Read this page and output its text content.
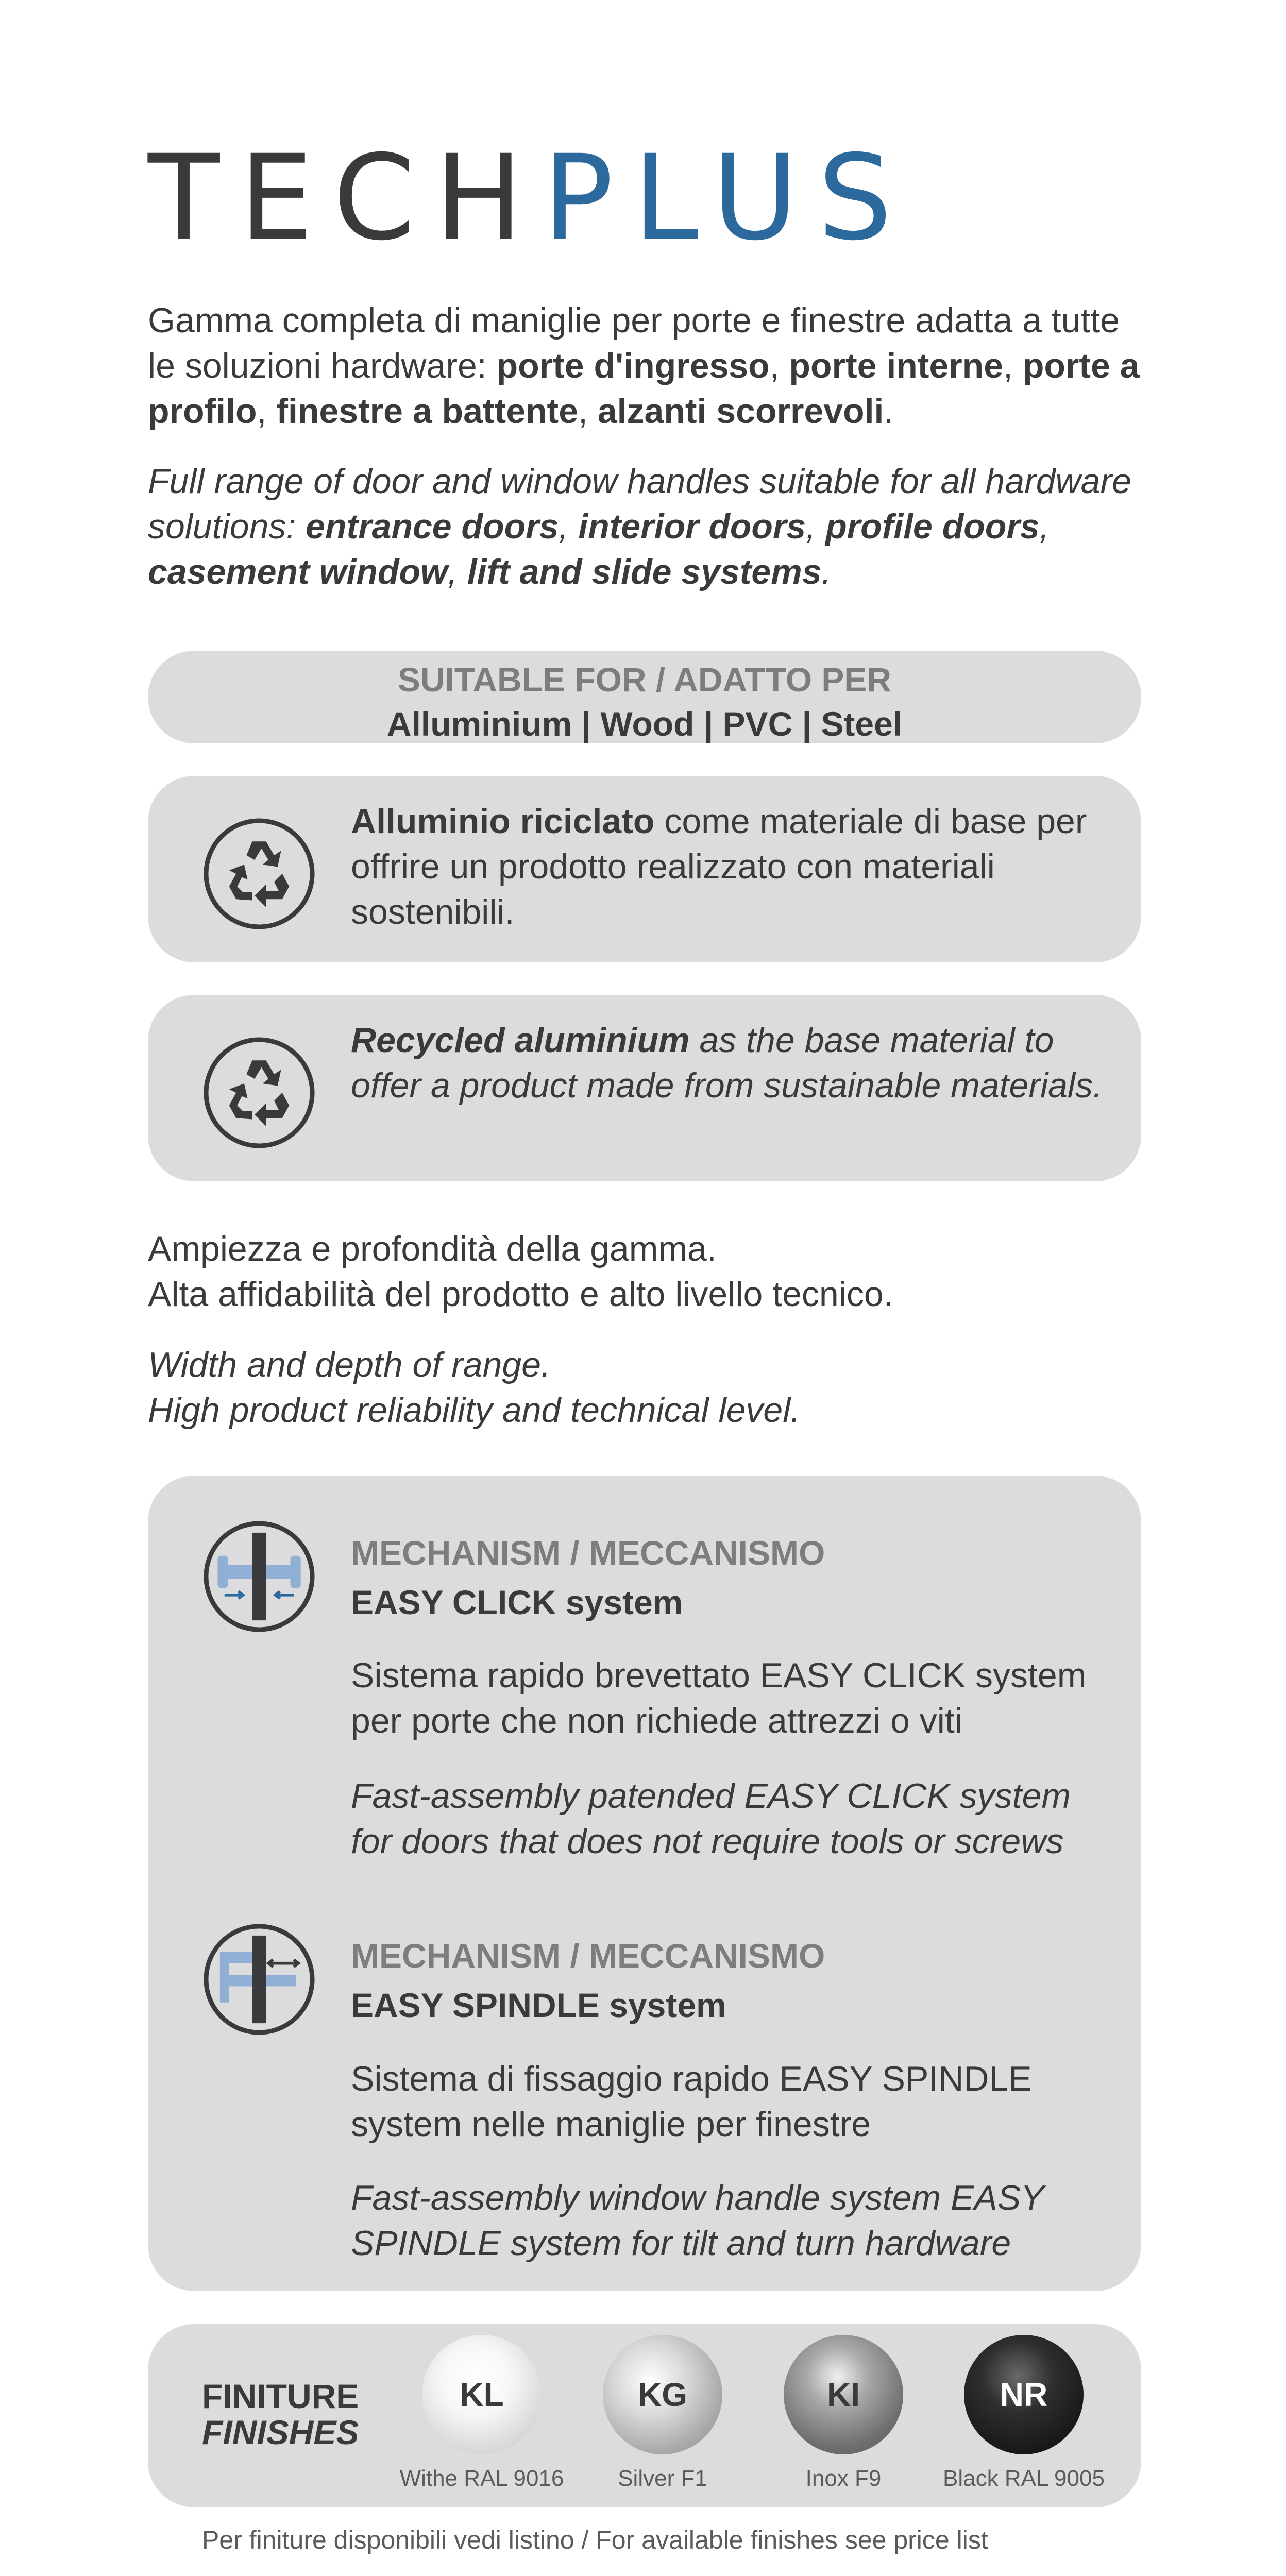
TECHPLUS
Gamma completa di maniglie per porte e finestre adatta a tutte le soluzioni hardware: porte d'ingresso, porte interne, porte a profilo, finestre a battente, alzanti scorrevoli.
Full range of door and window handles suitable for all hardware solutions: entrance doors, interior doors, profile doors, casement window, lift and slide systems.
SUITABLE FOR / ADATTO PER
Alluminium | Wood | PVC | Steel
Alluminio riciclato come materiale di base per offrire un prodotto realizzato con materiali sostenibili.
Recycled aluminium as the base material to offer a product made from sustainable materials.
Ampiezza e profondità della gamma.
Alta affidabilità del prodotto e alto livello tecnico.
Width and depth of range.
High product reliability and technical level.
MECHANISM / MECCANISMO
EASY CLICK system
Sistema rapido brevettato EASY CLICK system per porte che non richiede attrezzi o viti
Fast-assembly patended EASY CLICK system for doors that does not require tools or screws
MECHANISM / MECCANISMO
EASY SPINDLE system
Sistema di fissaggio rapido EASY SPINDLE system nelle maniglie per finestre
Fast-assembly window handle system EASY SPINDLE system for tilt and turn hardware
FINITURE
FINISHES
KL
Withe RAL 9016
KG
Silver F1
KI
Inox F9
NR
Black RAL 9005
Per finiture disponibili vedi listino / For available finishes see price list
